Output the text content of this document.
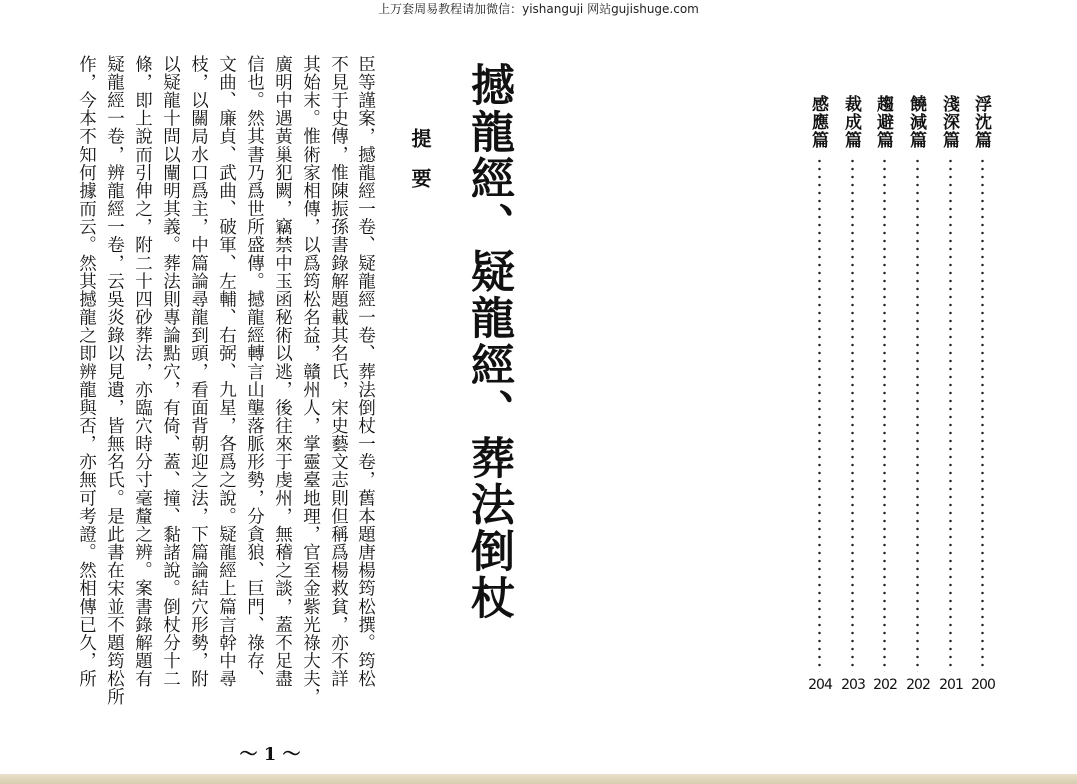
上万套周易教程请加微信：yishanguji 网站gujishuge.com
臣等謹案，撼龍經一卷、疑龍經一卷、葬法倒杖一卷，舊本題唐楊筠松撰。筠松
不見于史傳，惟陳振孫書錄解題載其名氏，宋史藝文志則但稱爲楊救貧，亦不詳
其始末。惟術家相傳，以爲筠松名益，贛州人，掌靈臺地理，官至金紫光祿大夫，
廣明中遇黃巢犯闕，竊禁中玉函秘術以逃，後往來于虔州，無稽之談，蓋不足盡
信也。然其書乃爲世所盛傳。撼龍經轉言山壟落脈形勢，分貪狼、巨門、祿存、
文曲、廉貞、武曲、破軍、左輔、右弼、九星，各爲之說。疑龍經上篇言幹中尋
枝，以關局水口爲主，中篇論尋龍到頭，看面背朝迎之法，下篇論結穴形勢，附
以疑龍十問以闡明其義。葬法則專論點穴，有倚、蓋、撞、黏諸說。倒杖分十二
條，即上說而引伸之，附二十四砂葬法，亦臨穴時分寸毫釐之辨。案書錄解題有
疑龍經一卷，辨龍經一卷，云吳炎錄以見遺，皆無名氏。是此書在宋並不題筠松所
作，今本不知何據而云。然其撼龍之即辨龍與否，亦無可考證。然相傳已久，所	提要 撼龍經、疑龍經、葬法倒杖
～ 1 ～
浮沈篇
200
淺深篇
201
饒減篇
202
趨避篇
202
裁成篇
203
感應篇
204
